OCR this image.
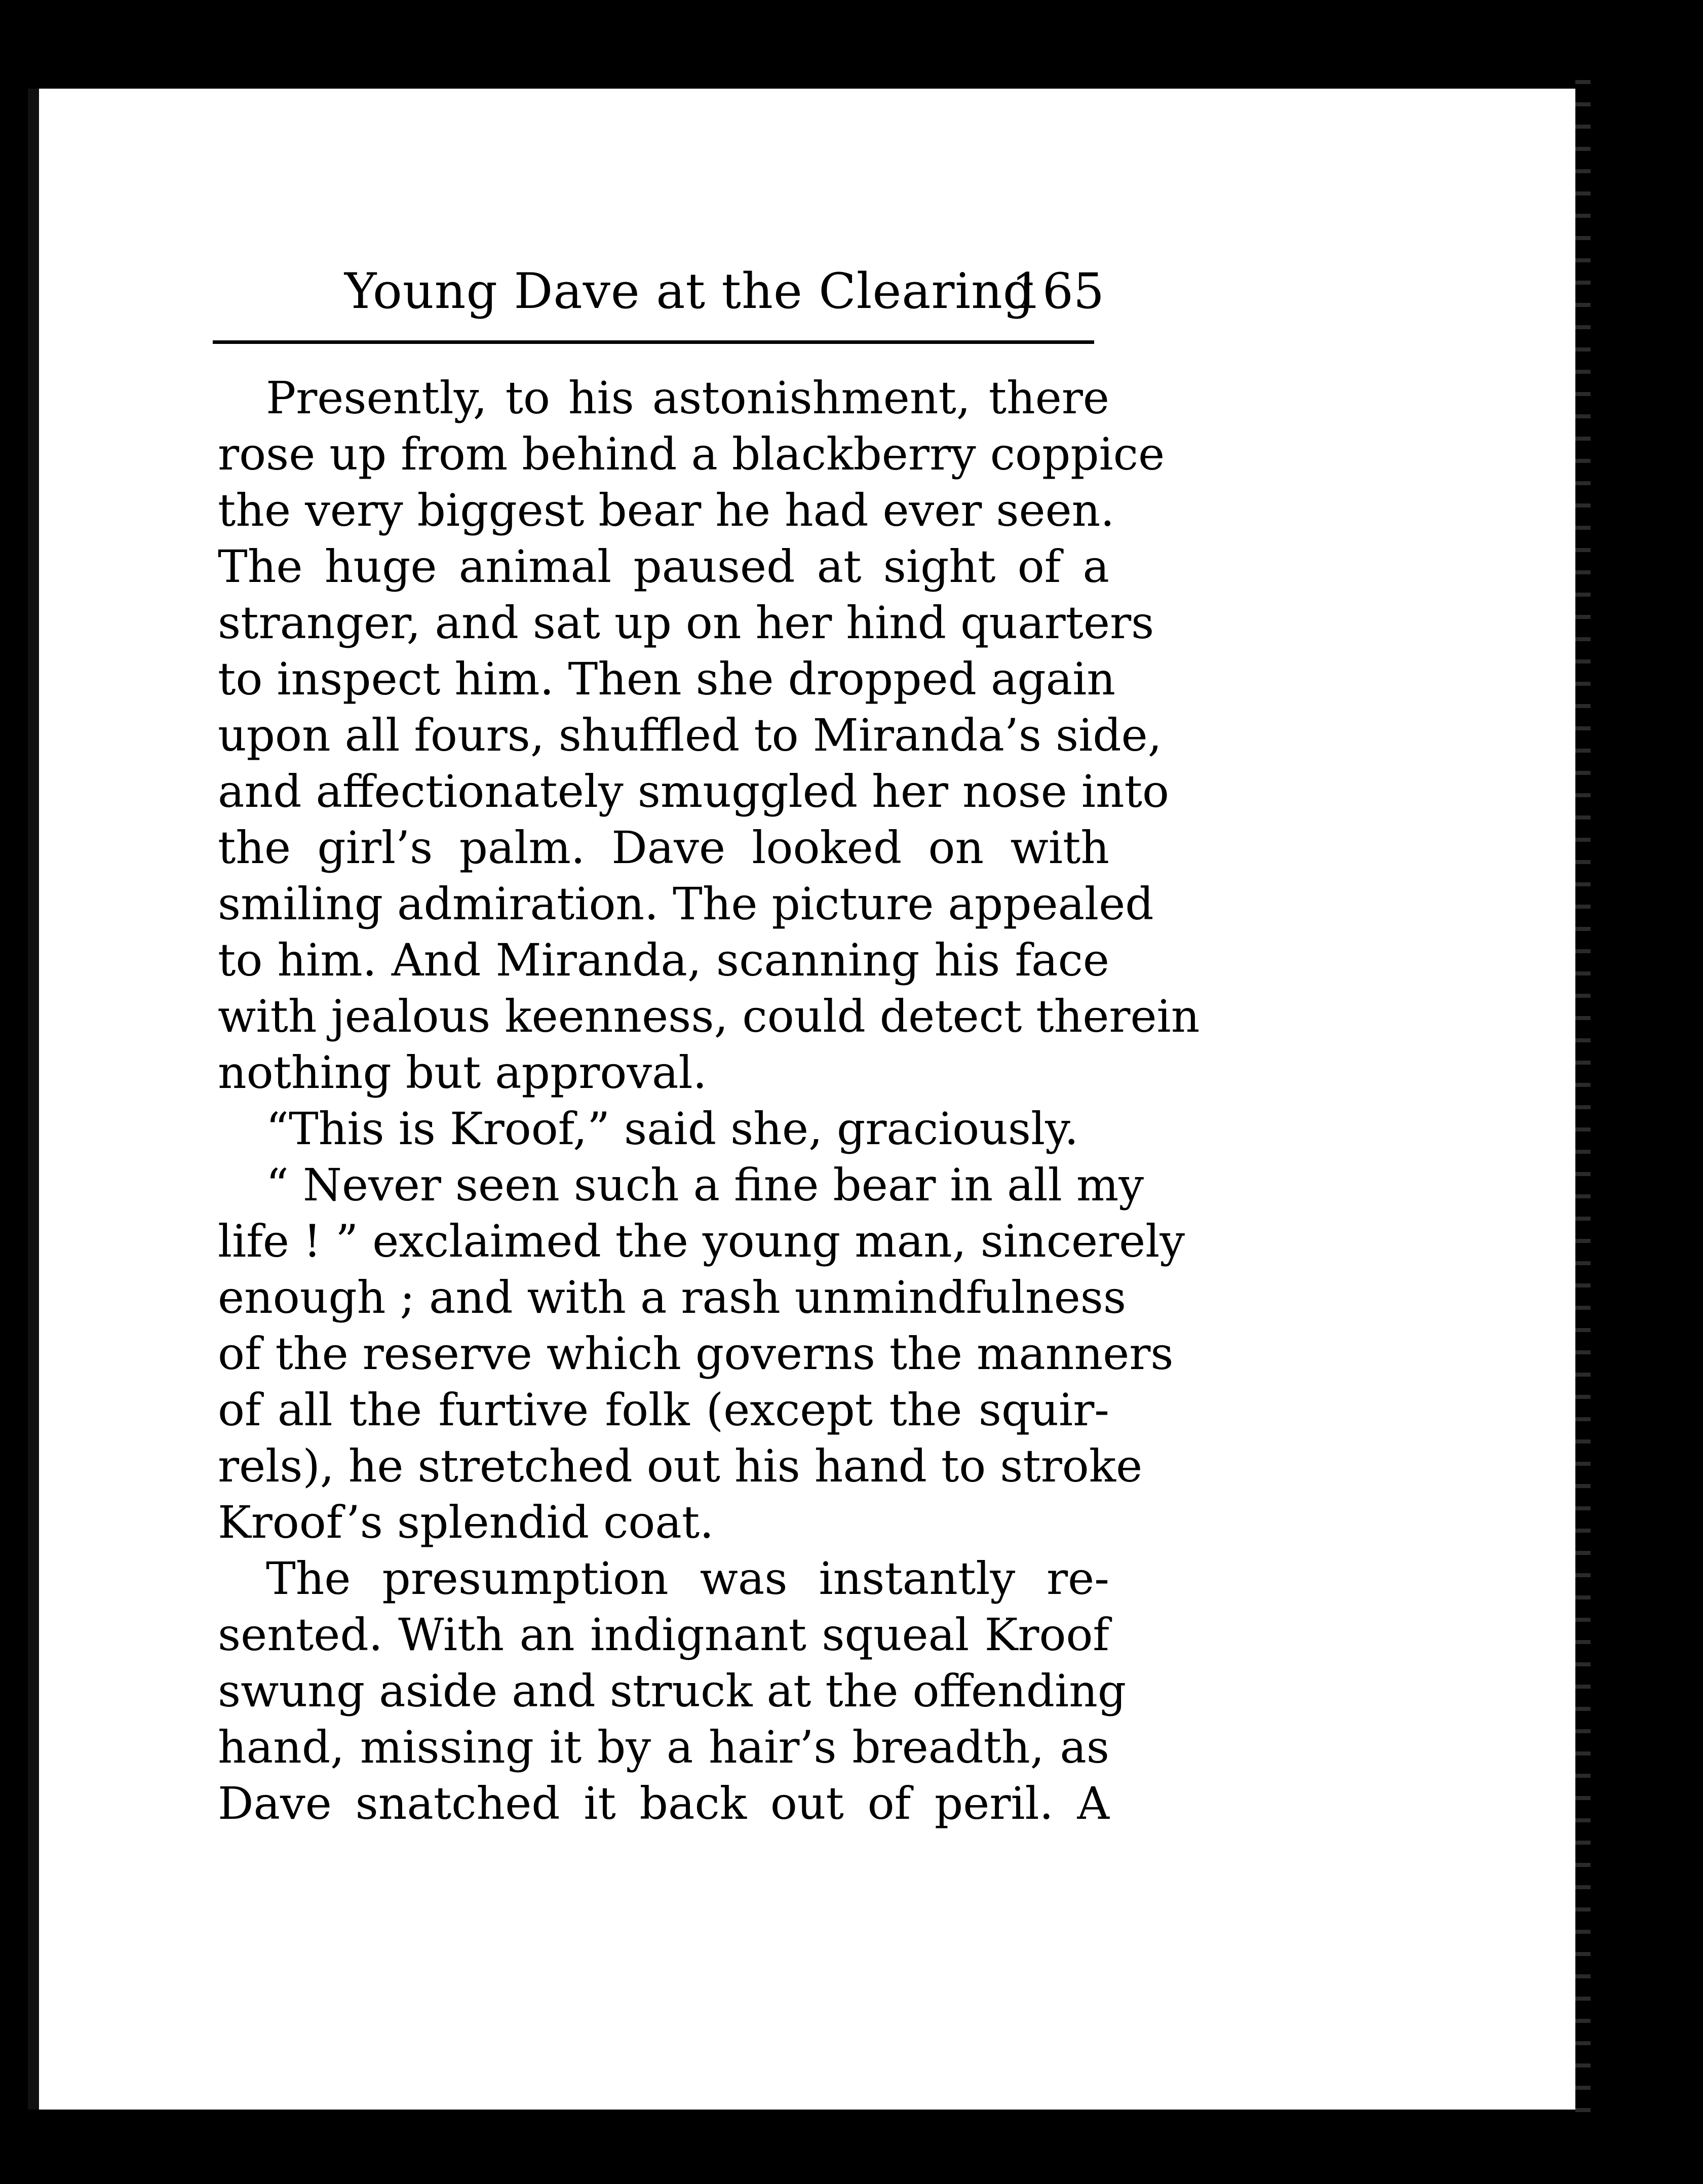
Young Dave at the Clearing
165
Presently, to his astonishment, there
rose up from behind a blackberry coppice
the very biggest bear he had ever seen.
The huge animal paused at sight of a
stranger, and sat up on her hind quarters
to inspect him. Then she dropped again
upon all fours, shuffled to Miranda’s side,
and affectionately smuggled her nose into
the girl’s palm. Dave looked on with
smiling admiration. The picture appealed
to him. And Miranda, scanning his face
with jealous keenness, could detect therein
nothing but approval.
“This is Kroof,” said she, graciously.
“ Never seen such a fine bear in all my
life ! ” exclaimed the young man, sincerely
enough ; and with a rash unmindfulness
of the reserve which governs the manners
of all the furtive folk (except the squir-
rels), he stretched out his hand to stroke
Kroof’s splendid coat.
The presumption was instantly re-
sented. With an indignant squeal Kroof
swung aside and struck at the offending
hand, missing it by a hair’s breadth, as
Dave snatched it back out of peril. A
